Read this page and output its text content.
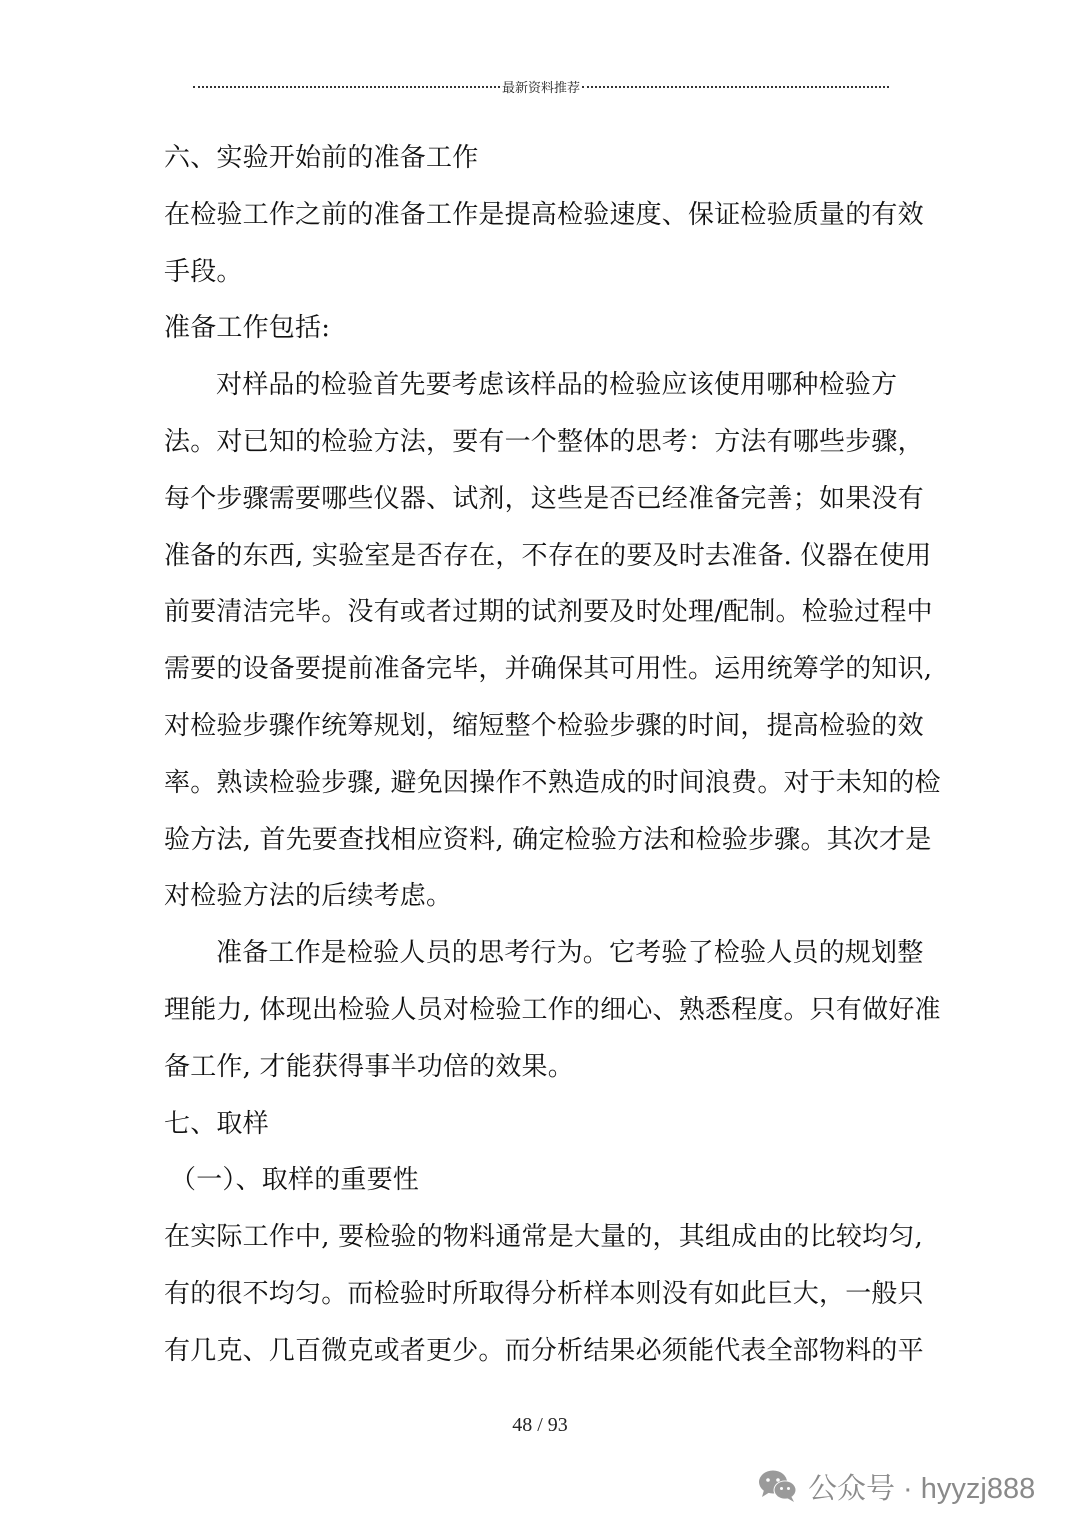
最新资料推荐
六、实验开始前的准备工作
在检验工作之前的准备工作是提高检验速度、保证检验质量的有效
手段。
准备工作包括:
对样品的检验首先要考虑该样品的检验应该使用哪种检验方
法。对已知的检验方法，要有一个整体的思考：方法有哪些步骤，
每个步骤需要哪些仪器、试剂，这些是否已经准备完善；如果没有
准备的东西, 实验室是否存在，不存在的要及时去准备. 仪器在使用
前要清洁完毕。没有或者过期的试剂要及时处理/配制。检验过程中
需要的设备要提前准备完毕，并确保其可用性。运用统筹学的知识,
对检验步骤作统筹规划，缩短整个检验步骤的时间，提高检验的效
率。熟读检验步骤, 避免因操作不熟造成的时间浪费。对于未知的检
验方法, 首先要查找相应资料, 确定检验方法和检验步骤。其次才是
对检验方法的后续考虑。
准备工作是检验人员的思考行为。它考验了检验人员的规划整
理能力, 体现出检验人员对检验工作的细心、熟悉程度。只有做好准
备工作, 才能获得事半功倍的效果。
七、取样
（一）、取样的重要性
在实际工作中, 要检验的物料通常是大量的，其组成由的比较均匀,
有的很不均匀。而检验时所取得分析样本则没有如此巨大，一般只
有几克、几百微克或者更少。而分析结果必须能代表全部物料的平
48 / 93
公众号 · hyyzj888
